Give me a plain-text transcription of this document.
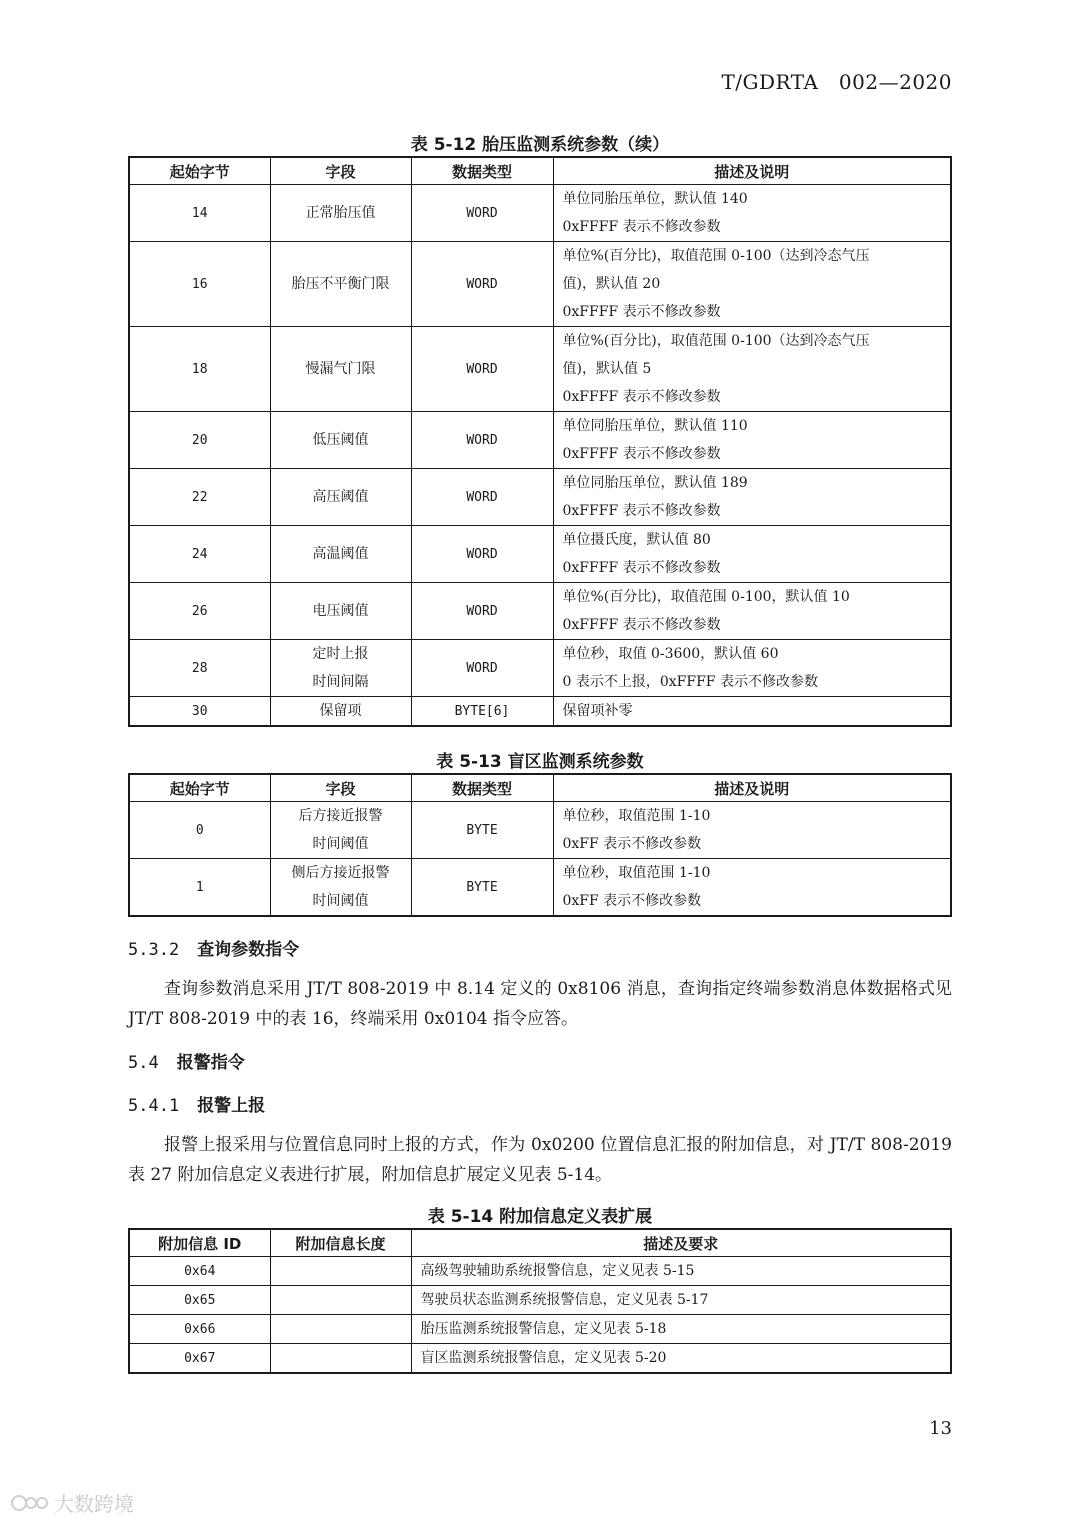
T/GDRTA　002—2020
表 5-12 胎压监测系统参数（续）
起始字节	字段	数据类型	描述及说明
14	正常胎压值	WORD	单位同胎压单位，默认值 140
0xFFFF 表示不修改参数

16	胎压不平衡门限	WORD	单位%(百分比)，取值范围 0-100（达到冷态气压
值)，默认值 20
0xFFFF 表示不修改参数

18	慢漏气门限	WORD	单位%(百分比)，取值范围 0-100（达到冷态气压
值)，默认值 5
0xFFFF 表示不修改参数

20	低压阈值	WORD	单位同胎压单位，默认值 110
0xFFFF 表示不修改参数

22	高压阈值	WORD	单位同胎压单位，默认值 189
0xFFFF 表示不修改参数

24	高温阈值	WORD	单位摄氏度，默认值 80
0xFFFF 表示不修改参数

26	电压阈值	WORD	单位%(百分比)，取值范围 0-100，默认值 10
0xFFFF 表示不修改参数

28	定时上报
时间间隔	WORD	单位秒，取值 0-3600，默认值 60
0 表示不上报，0xFFFF 表示不修改参数

30	保留项	BYTE[6]	保留项补零
表 5-13 盲区监测系统参数
起始字节	字段	数据类型	描述及说明
0	后方接近报警
时间阈值	BYTE	单位秒，取值范围 1-10
0xFF 表示不修改参数

1	侧后方接近报警
时间阈值	BYTE	单位秒，取值范围 1-10
0xFF 表示不修改参数
5.3.2 查询参数指令
查询参数消息采用 JT/T 808-2019 中 8.14 定义的 0x8106 消息，查询指定终端参数消息体数据格式见 JT/T 808-2019 中的表 16，终端采用 0x0104 指令应答。
5.4 报警指令
5.4.1 报警上报
报警上报采用与位置信息同时上报的方式，作为 0x0200 位置信息汇报的附加信息，对 JT/T 808-2019 表 27 附加信息定义表进行扩展，附加信息扩展定义见表 5-14。
表 5-14 附加信息定义表扩展
附加信息 ID	附加信息长度	描述及要求
0x64		高级驾驶辅助系统报警信息，定义见表 5-15
0x65		驾驶员状态监测系统报警信息，定义见表 5-17
0x66		胎压监测系统报警信息，定义见表 5-18
0x67		盲区监测系统报警信息，定义见表 5-20
13
大数跨境
